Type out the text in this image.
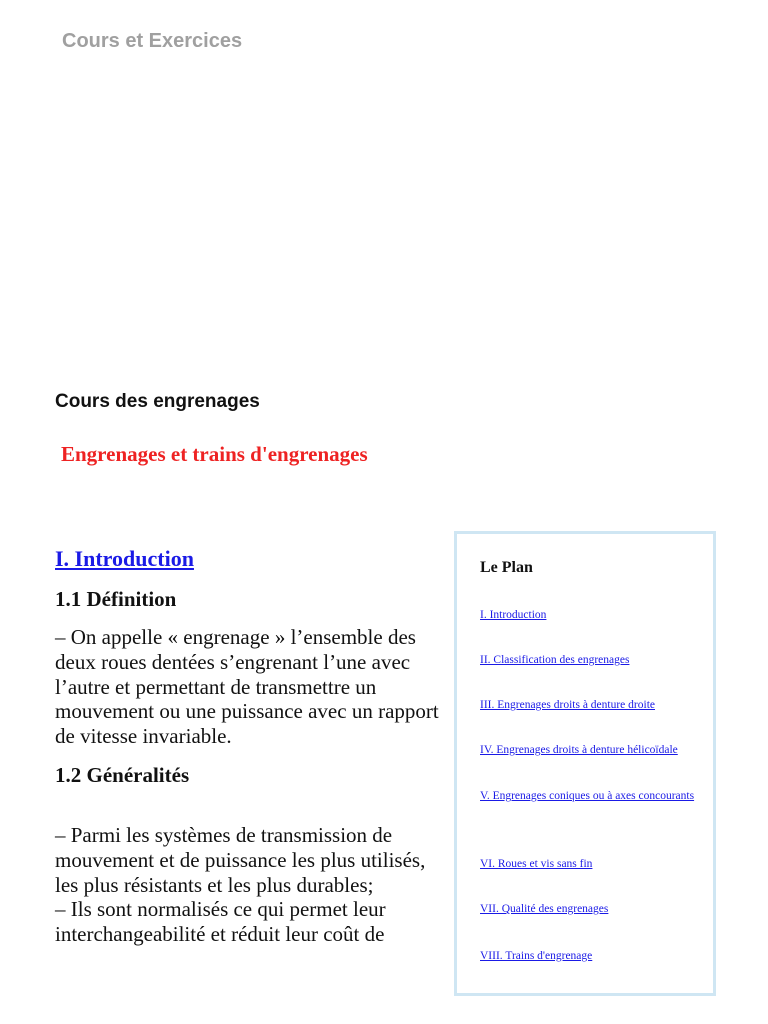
Cours et Exercices
Cours des engrenages
Engrenages et trains d'engrenages
I. Introduction
1.1 Définition

– On appelle « engrenage » l’ensemble des deux roues dentées s’engrenant l’une avec l’autre et permettant de transmettre un mouvement ou une puissance avec un rapport de vitesse invariable.

1.2 Généralités

– Parmi les systèmes de transmission de mouvement et de puissance les plus utilisés, les plus résistants et les plus durables;
– Ils sont normalisés ce qui permet leur interchangeabilité et réduit leur coût de

Le Plan
I. Introduction
II. Classification des engrenages
III. Engrenages droits à denture droite
IV. Engrenages droits à denture hélicoïdale
V. Engrenages coniques ou à axes concourants
VI. Roues et vis sans fin
VII. Qualité des engrenages
VIII. Trains d'engrenage
